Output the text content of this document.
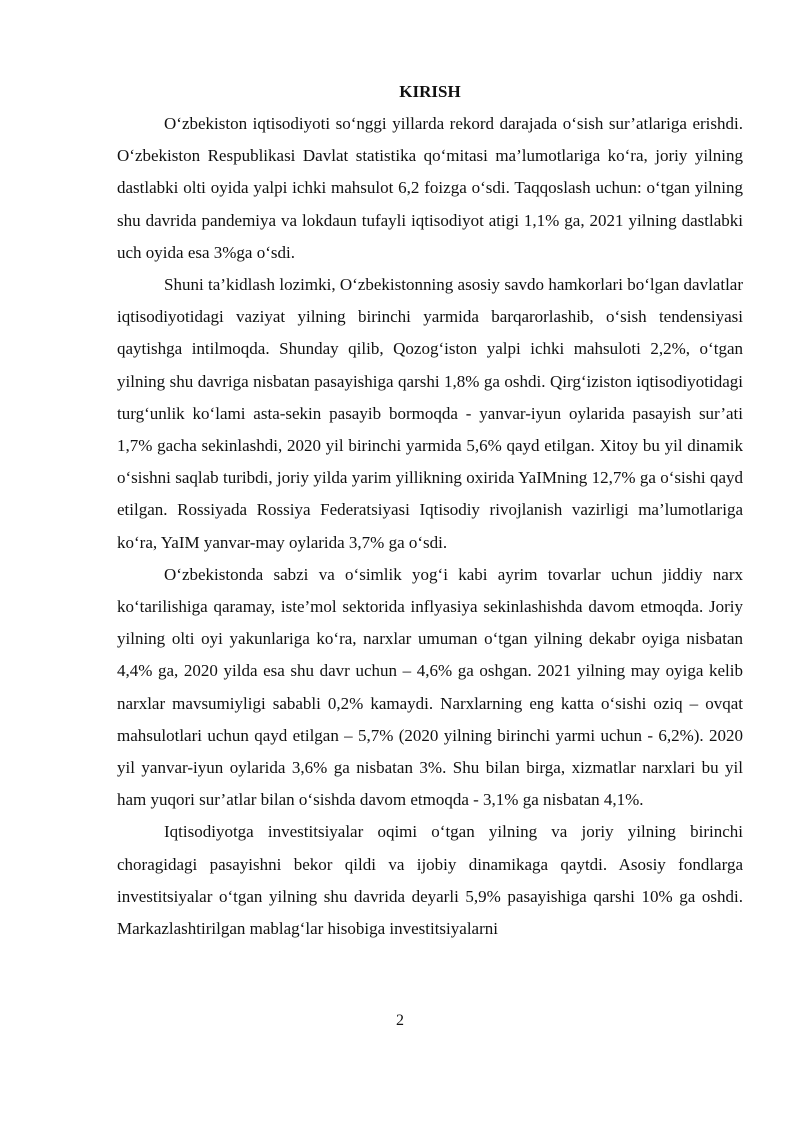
KIRISH

O‘zbekiston iqtisodiyoti so‘nggi yillarda rekord darajada o‘sish sur’atlariga erishdi. O‘zbekiston Respublikasi Davlat statistika qo‘mitasi ma’lumotlariga ko‘ra, joriy yilning dastlabki olti oyida yalpi ichki mahsulot 6,2 foizga o‘sdi. Taqqoslash uchun: o‘tgan yilning shu davrida pandemiya va lokdaun tufayli iqtisodiyot atigi 1,1% ga, 2021 yilning dastlabki uch oyida esa 3%ga o‘sdi.

Shuni ta’kidlash lozimki, O‘zbekistonning asosiy savdo hamkorlari bo‘lgan davlatlar iqtisodiyotidagi vaziyat yilning birinchi yarmida barqarorlashib, o‘sish tendensiyasi qaytishga intilmoqda. Shunday qilib, Qozog‘iston yalpi ichki mahsuloti 2,2%, o‘tgan yilning shu davriga nisbatan pasayishiga qarshi 1,8% ga oshdi. Qirg‘iziston iqtisodiyotidagi turg‘unlik ko‘lami asta-sekin pasayib bormoqda - yanvar-iyun oylarida pasayish sur’ati 1,7% gacha sekinlashdi, 2020 yil birinchi yarmida 5,6% qayd etilgan. Xitoy bu yil dinamik o‘sishni saqlab turibdi, joriy yilda yarim yillikning oxirida YaIMning 12,7% ga o‘sishi qayd etilgan. Rossiyada Rossiya Federatsiyasi Iqtisodiy rivojlanish vazirligi ma’lumotlariga ko‘ra, YaIM yanvar-may oylarida 3,7% ga o‘sdi.

O‘zbekistonda sabzi va o‘simlik yog‘i kabi ayrim tovarlar uchun jiddiy narx ko‘tarilishiga qaramay, iste’mol sektorida inflyasiya sekinlashishda davom etmoqda. Joriy yilning olti oyi yakunlariga ko‘ra, narxlar umuman o‘tgan yilning dekabr oyiga nisbatan 4,4% ga, 2020 yilda esa shu davr uchun – 4,6% ga oshgan. 2021 yilning may oyiga kelib narxlar mavsumiyligi sababli 0,2% kamaydi. Narxlarning eng katta o‘sishi oziq – ovqat mahsulotlari uchun qayd etilgan – 5,7% (2020 yilning birinchi yarmi uchun - 6,2%). 2020 yil yanvar-iyun oylarida 3,6% ga nisbatan 3%. Shu bilan birga, xizmatlar narxlari bu yil ham yuqori sur’atlar bilan o‘sishda davom etmoqda - 3,1% ga nisbatan 4,1%.

Iqtisodiyotga investitsiyalar oqimi o‘tgan yilning va joriy yilning birinchi choragidagi pasayishni bekor qildi va ijobiy dinamikaga qaytdi. Asosiy fondlarga investitsiyalar o‘tgan yilning shu davrida deyarli 5,9% pasayishiga qarshi 10% ga oshdi. Markazlashtirilgan mablag‘lar hisobiga investitsiyalarni

2
